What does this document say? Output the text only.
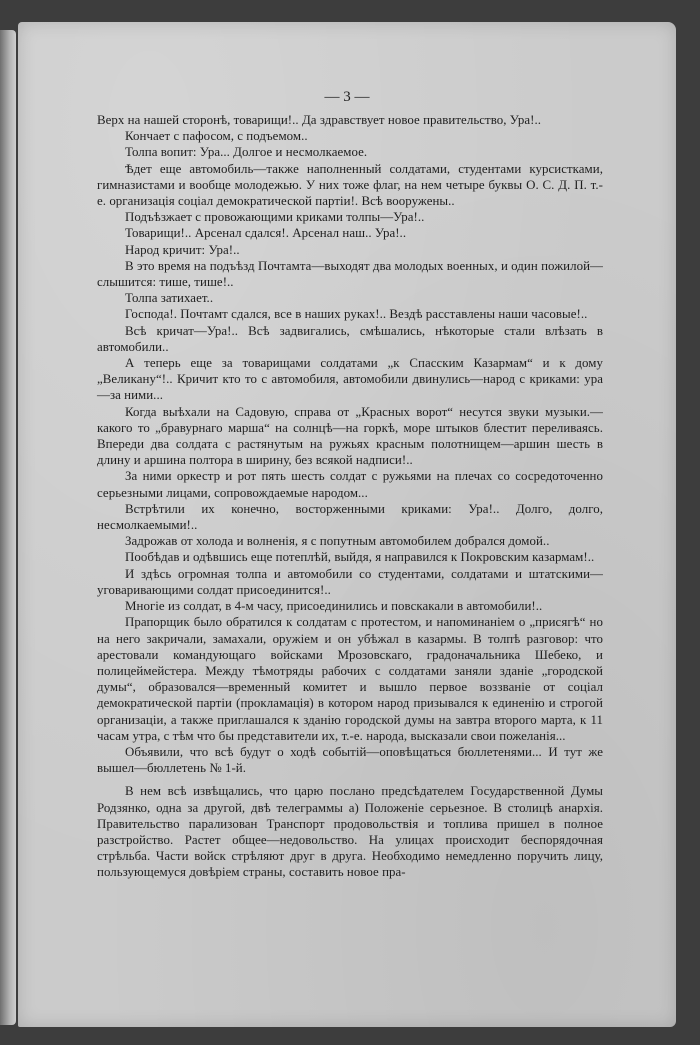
— 3 —

Верх на нашей сторонѣ, товарищи!.. Да здравствует новое правительство, Ура!..

Кончает с пафосом, с подъемом..

Толпа вопит: Ура... Долгое и несмолкаемое.

Ѣдет еще автомобиль—также наполненный солдатами, студентами курсистками, гимназистами и вообще молодежью. У них тоже флаг, на нем четыре буквы О. С. Д. П. т.-е. организація соціал демократической партіи!. Всѣ вооружены..

Подъѣзжает с провожающими криками толпы—Ура!..

Товарищи!.. Арсенал сдался!. Арсенал наш.. Ура!..

Народ кричит: Ура!..

В это время на подъѣзд Почтамта—выходят два молодых военных, и один пожилой—слышится: тише, тише!..

Толпа затихает..

Господа!. Почтамт сдался, все в наших руках!.. Вездѣ расставлены наши часовые!..

Всѣ кричат—Ура!.. Всѣ задвигались, смѣшались, нѣкоторые стали влѣзать в автомобили..

А теперь еще за товарищами солдатами „к Спасским Казармам“ и к дому „Великану“!.. Кричит кто то с автомобиля, автомобили двинулись—народ с криками: ура—за ними...

Когда выѣхали на Садовую, справа от „Красных ворот“ несутся звуки музыки.—какого то „бравурнаго марша“ на солнцѣ—на горкѣ, море штыков блестит переливаясь. Впереди два солдата с растянутым на ружьях красным полотнищем—аршин шесть в длину и аршина полтора в ширину, без всякой надписи!..

За ними оркестр и рот пять шесть солдат с ружьями на плечах со сосредоточенно серьезными лицами, сопровождаемые народом...

Встрѣтили их конечно, восторженными криками: Ура!.. Долго, долго, несмолкаемыми!..

Задрожав от холода и волненія, я с попутным автомобилем добрался домой..

Пообѣдав и одѣвшись еще потеплѣй, выйдя, я направился к Покровским казармам!..

И здѣсь огромная толпа и автомобили со студентами, солдатами и штатскими—уговаривающими солдат присоединится!..

Многіе из солдат, в 4-м часу, присоединились и повскакали в автомобили!..

Прапорщик было обратился к солдатам с протестом, и напоминаніем о „присягѣ“ но на него закричали, замахали, оружіем и он убѣжал в казармы. В толпѣ разговор: что арестовали командующаго войсками Мрозовскаго, градоначальника Шебеко, и полицеймейстера. Между тѣмотряды рабочих с солдатами заняли зданіе „городской думы“, образовался—временный комитет и вышло первое воззваніе от соціал демократической партіи (прокламація) в котором народ призывался к единенію и строгой организаціи, а также приглашался к зданію городской думы на завтра второго марта, к 11 часам утра, с тѣм что бы представители их, т.-е. народа, высказали свои пожеланія...

Объявили, что всѣ будут о ходѣ событій—оповѣщаться бюллетенями... И тут же вышел—бюллетень № 1-й.

В нем всѣ извѣщались, что царю послано предсѣдателем Государственной Думы Родзянко, одна за другой, двѣ телеграммы а) Положеніе серьезное. В столицѣ анархія. Правительство парализован Транспорт продовольствія и топлива пришел в полное разстройство. Растет общее—недовольство. На улицах происходит беспорядочная стрѣльба. Части войск стрѣляют друг в друга. Необходимо немедленно поручить лицу, пользующемуся довѣріем страны, составить новое пра-
